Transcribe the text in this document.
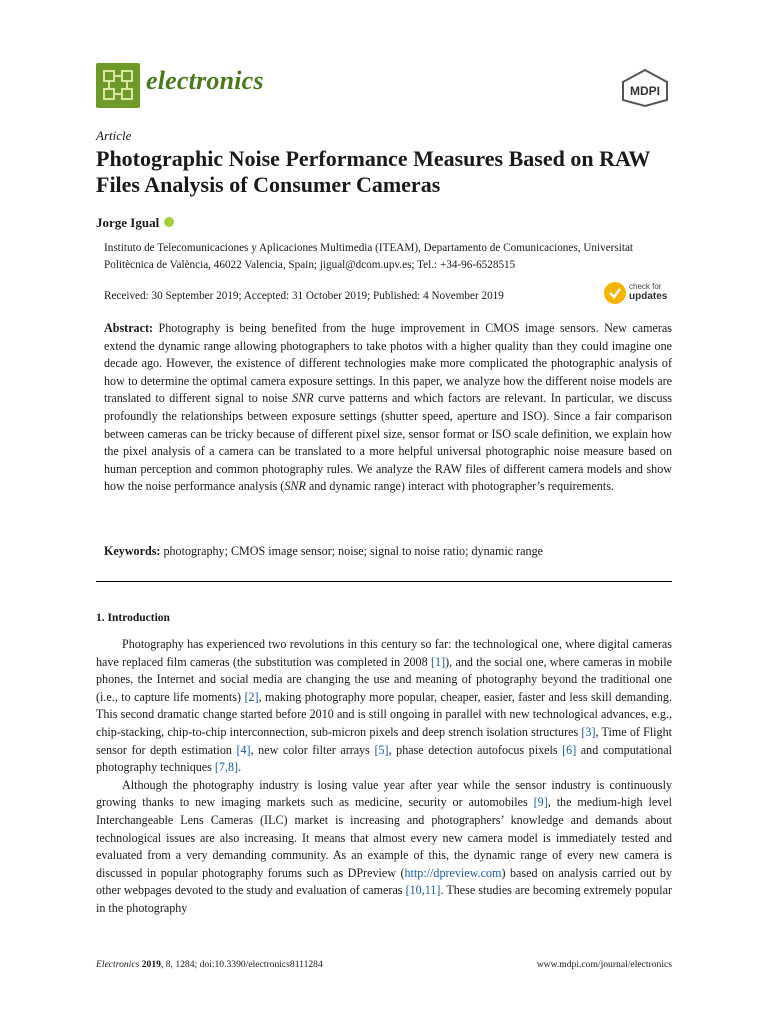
electronics	MDPI
Article
Photographic Noise Performance Measures Based on RAW Files Analysis of Consumer Cameras
Jorge Igual
Instituto de Telecomunicaciones y Aplicaciones Multimedia (ITEAM), Departamento de Comunicaciones, Universitat Politècnica de València, 46022 Valencia, Spain; jigual@dcom.upv.es; Tel.: +34-96-6528515
Received: 30 September 2019; Accepted: 31 October 2019; Published: 4 November 2019
check for
updates
Abstract: Photography is being benefited from the huge improvement in CMOS image sensors. New cameras extend the dynamic range allowing photographers to take photos with a higher quality than they could imagine one decade ago. However, the existence of different technologies make more complicated the photographic analysis of how to determine the optimal camera exposure settings. In this paper, we analyze how the different noise models are translated to different signal to noise SNR curve patterns and which factors are relevant. In particular, we discuss profoundly the relationships between exposure settings (shutter speed, aperture and ISO). Since a fair comparison between cameras can be tricky because of different pixel size, sensor format or ISO scale definition, we explain how the pixel analysis of a camera can be translated to a more helpful universal photographic noise measure based on human perception and common photography rules. We analyze the RAW files of different camera models and show how the noise performance analysis (SNR and dynamic range) interact with photographer’s requirements.
Keywords: photography; CMOS image sensor; noise; signal to noise ratio; dynamic range
1. Introduction

Photography has experienced two revolutions in this century so far: the technological one, where digital cameras have replaced film cameras (the substitution was completed in 2008 [1]), and the social one, where cameras in mobile phones, the Internet and social media are changing the use and meaning of photography beyond the traditional one (i.e., to capture life moments) [2], making photography more popular, cheaper, easier, faster and less skill demanding. This second dramatic change started before 2010 and is still ongoing in parallel with new technological advances, e.g., chip-stacking, chip-to-chip interconnection, sub-micron pixels and deep strench isolation structures [3], Time of Flight sensor for depth estimation [4], new color filter arrays [5], phase detection autofocus pixels [6] and computational photography techniques [7,8].

Although the photography industry is losing value year after year while the sensor industry is continuously growing thanks to new imaging markets such as medicine, security or automobiles [9], the medium-high level Interchangeable Lens Cameras (ILC) market is increasing and photographers’ knowledge and demands about technological issues are also increasing. It means that almost every new camera model is immediately tested and evaluated from a very demanding community. As an example of this, the dynamic range of every new camera is discussed in popular photography forums such as DPreview (http://dpreview.com) based on analysis carried out by other webpages devoted to the study and evaluation of cameras [10,11]. These studies are becoming extremely popular in the photography

Electronics 2019, 8, 1284; doi:10.3390/electronics8111284	www.mdpi.com/journal/electronics
